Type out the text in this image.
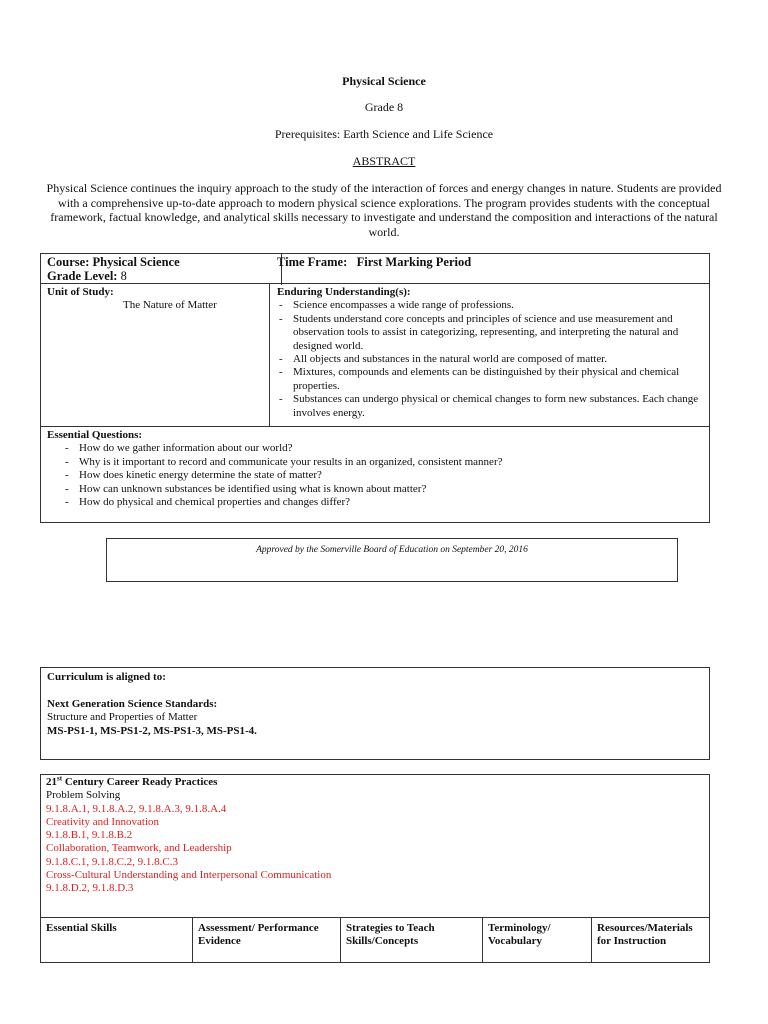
Physical Science
Grade 8
Prerequisites: Earth Science and Life Science
ABSTRACT
Physical Science continues the inquiry approach to the study of the interaction of forces and energy changes in nature. Students are provided with a comprehensive up-to-date approach to modern physical science explorations. The program provides students with the conceptual framework, factual knowledge, and analytical skills necessary to investigate and understand the composition and interactions of the natural world.
Course: Physical Science
Grade Level: 8
Time Frame: First Marking Period
Unit of Study:
The Nature of Matter
Enduring Understanding(s):
- Science encompasses a wide range of professions.
- Students understand core concepts and principles of science and use measurement and observation tools to assist in categorizing, representing, and interpreting the natural and designed world.
- All objects and substances in the natural world are composed of matter.
- Mixtures, compounds and elements can be distinguished by their physical and chemical properties.
- Substances can undergo physical or chemical changes to form new substances. Each change involves energy.
Essential Questions:
- How do we gather information about our world?
- Why is it important to record and communicate your results in an organized, consistent manner?
- How does kinetic energy determine the state of matter?
- How can unknown substances be identified using what is known about matter?
- How do physical and chemical properties and changes differ?
Approved by the Somerville Board of Education on September 20, 2016
Curriculum is aligned to:

Next Generation Science Standards:
Structure and Properties of Matter
MS-PS1-1, MS-PS1-2, MS-PS1-3, MS-PS1-4.
21st Century Career Ready Practices
Problem Solving
9.1.8.A.1, 9.1.8.A.2, 9.1.8.A.3, 9.1.8.A.4
Creativity and Innovation
9.1.8.B.1, 9.1.8.B.2
Collaboration, Teamwork, and Leadership
9.1.8.C.1, 9.1.8.C.2, 9.1.8.C.3
Cross-Cultural Understanding and Interpersonal Communication
9.1.8.D.2, 9.1.8.D.3
Essential Skills	Assessment/ Performance Evidence
Strategies to Teach Skills/Concepts
Terminology/ Vocabulary
Resources/Materials for Instruction
